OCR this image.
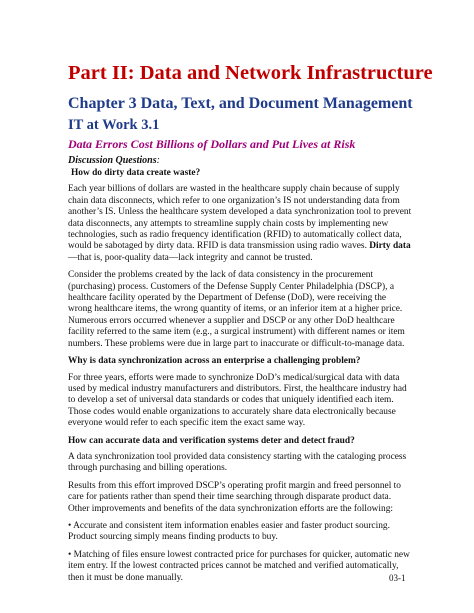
Part II: Data and Network Infrastructure
Chapter 3 Data, Text, and Document Management
IT at Work 3.1
Data Errors Cost Billions of Dollars and Put Lives at Risk
Discussion Questions:

How do dirty data create waste?

Each year billions of dollars are wasted in the healthcare supply chain because of supply chain data disconnects, which refer to one organization’s IS not understanding data from another’s IS. Unless the healthcare system developed a data synchronization tool to prevent data disconnects, any attempts to streamline supply chain costs by implementing new technologies, such as radio frequency identification (RFID) to automatically collect data, would be sabotaged by dirty data. RFID is data transmission using radio waves. Dirty data—that is, poor-quality data—lack integrity and cannot be trusted.

Consider the problems created by the lack of data consistency in the procurement (purchasing) process. Customers of the Defense Supply Center Philadelphia (DSCP), a healthcare facility operated by the Department of Defense (DoD), were receiving the wrong healthcare items, the wrong quantity of items, or an inferior item at a higher price. Numerous errors occurred whenever a supplier and DSCP or any other DoD healthcare facility referred to the same item (e.g., a surgical instrument) with different names or item numbers. These problems were due in large part to inaccurate or difficult-to-manage data.

Why is data synchronization across an enterprise a challenging problem?

For three years, efforts were made to synchronize DoD’s medical/surgical data with data used by medical industry manufacturers and distributors. First, the healthcare industry had to develop a set of universal data standards or codes that uniquely identified each item. Those codes would enable organizations to accurately share data electronically because everyone would refer to each specific item the exact same way.

How can accurate data and verification systems deter and detect fraud?

A data synchronization tool provided data consistency starting with the cataloging process through purchasing and billing operations.

Results from this effort improved DSCP’s operating profit margin and freed personnel to care for patients rather than spend their time searching through disparate product data. Other improvements and benefits of the data synchronization efforts are the following:

• Accurate and consistent item information enables easier and faster product sourcing. Product sourcing simply means finding products to buy.

• Matching of files ensure lowest contracted price for purchases for quicker, automatic new item entry. If the lowest contracted prices cannot be matched and verified automatically, then it must be done manually.	03-1
